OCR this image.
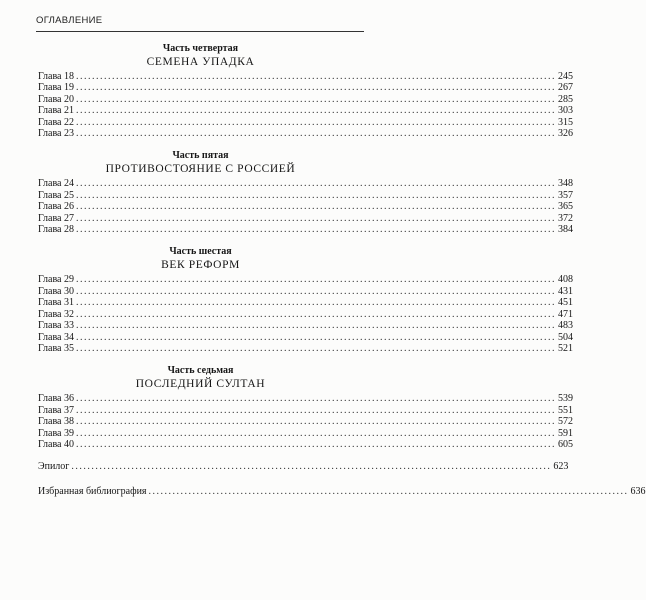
ОГЛАВЛЕНИЕ
Часть четвертая
СЕМЕНА УПАДКА
Глава 18 ........................................................................................................................ 245
Глава 19 ........................................................................................................................ 267
Глава 20 ........................................................................................................................ 285
Глава 21 ........................................................................................................................ 303
Глава 22 ........................................................................................................................ 315
Глава 23 ........................................................................................................................ 326
Часть пятая
ПРОТИВОСТОЯНИЕ С РОССИЕЙ
Глава 24 ........................................................................................................................ 348
Глава 25 ........................................................................................................................ 357
Глава 26 ........................................................................................................................ 365
Глава 27 ........................................................................................................................ 372
Глава 28 ........................................................................................................................ 384
Часть шестая
ВЕК РЕФОРМ
Глава 29 ........................................................................................................................ 408
Глава 30 ........................................................................................................................ 431
Глава 31 ........................................................................................................................ 451
Глава 32 ........................................................................................................................ 471
Глава 33 ........................................................................................................................ 483
Глава 34 ........................................................................................................................ 504
Глава 35 ........................................................................................................................ 521
Часть седьмая
ПОСЛЕДНИЙ СУЛТАН
Глава 36 ........................................................................................................................ 539
Глава 37 ........................................................................................................................ 551
Глава 38 ........................................................................................................................ 572
Глава 39 ........................................................................................................................ 591
Глава 40 ........................................................................................................................ 605
Эпилог ........................................................................................................................ 623
Избранная библиография ........................................................................................................................ 636
